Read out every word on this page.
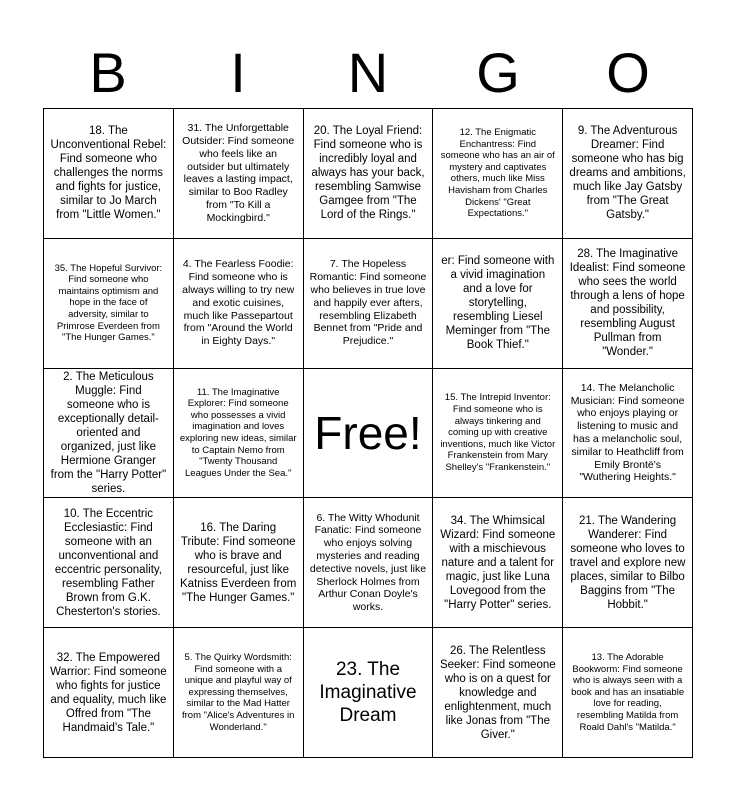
B	I	N	G	O
18. The Unconventional Rebel: Find someone who challenges the norms and fights for justice, similar to Jo March from "Little Women."
31. The Unforgettable Outsider: Find someone who feels like an outsider but ultimately leaves a lasting impact, similar to Boo Radley from "To Kill a Mockingbird."
20. The Loyal Friend: Find someone who is incredibly loyal and always has your back, resembling Samwise Gamgee from "The Lord of the Rings."
12. The Enigmatic Enchantress: Find someone who has an air of mystery and captivates others, much like Miss Havisham from Charles Dickens' "Great Expectations."
9. The Adventurous Dreamer: Find someone who has big dreams and ambitions, much like Jay Gatsby from "The Great Gatsby."
35. The Hopeful Survivor: Find someone who maintains optimism and hope in the face of adversity, similar to Primrose Everdeen from "The Hunger Games."
4. The Fearless Foodie: Find someone who is always willing to try new and exotic cuisines, much like Passepartout from "Around the World in Eighty Days."
7. The Hopeless Romantic: Find someone who believes in true love and happily ever afters, resembling Elizabeth Bennet from "Pride and Prejudice."
er: Find someone with a vivid imagination and a love for storytelling, resembling Liesel Meminger from "The Book Thief."
28. The Imaginative Idealist: Find someone who sees the world through a lens of hope and possibility, resembling August Pullman from "Wonder."
2. The Meticulous Muggle: Find someone who is exceptionally detail-oriented and organized, just like Hermione Granger from the "Harry Potter" series.
11. The Imaginative Explorer: Find someone who possesses a vivid imagination and loves exploring new ideas, similar to Captain Nemo from "Twenty Thousand Leagues Under the Sea."
Free!
15. The Intrepid Inventor: Find someone who is always tinkering and coming up with creative inventions, much like Victor Frankenstein from Mary Shelley's "Frankenstein."
14. The Melancholic Musician: Find someone who enjoys playing or listening to music and has a melancholic soul, similar to Heathcliff from Emily Brontë's "Wuthering Heights."
10. The Eccentric Ecclesiastic: Find someone with an unconventional and eccentric personality, resembling Father Brown from G.K. Chesterton's stories.
16. The Daring Tribute: Find someone who is brave and resourceful, just like Katniss Everdeen from "The Hunger Games."
6. The Witty Whodunit Fanatic: Find someone who enjoys solving mysteries and reading detective novels, just like Sherlock Holmes from Arthur Conan Doyle's works.
34. The Whimsical Wizard: Find someone with a mischievous nature and a talent for magic, just like Luna Lovegood from the "Harry Potter" series.
21. The Wandering Wanderer: Find someone who loves to travel and explore new places, similar to Bilbo Baggins from "The Hobbit."
32. The Empowered Warrior: Find someone who fights for justice and equality, much like Offred from "The Handmaid's Tale."
5. The Quirky Wordsmith: Find someone with a unique and playful way of expressing themselves, similar to the Mad Hatter from "Alice's Adventures in Wonderland."
23. The Imaginative Dream
26. The Relentless Seeker: Find someone who is on a quest for knowledge and enlightenment, much like Jonas from "The Giver."
13. The Adorable Bookworm: Find someone who is always seen with a book and has an insatiable love for reading, resembling Matilda from Roald Dahl's "Matilda."
